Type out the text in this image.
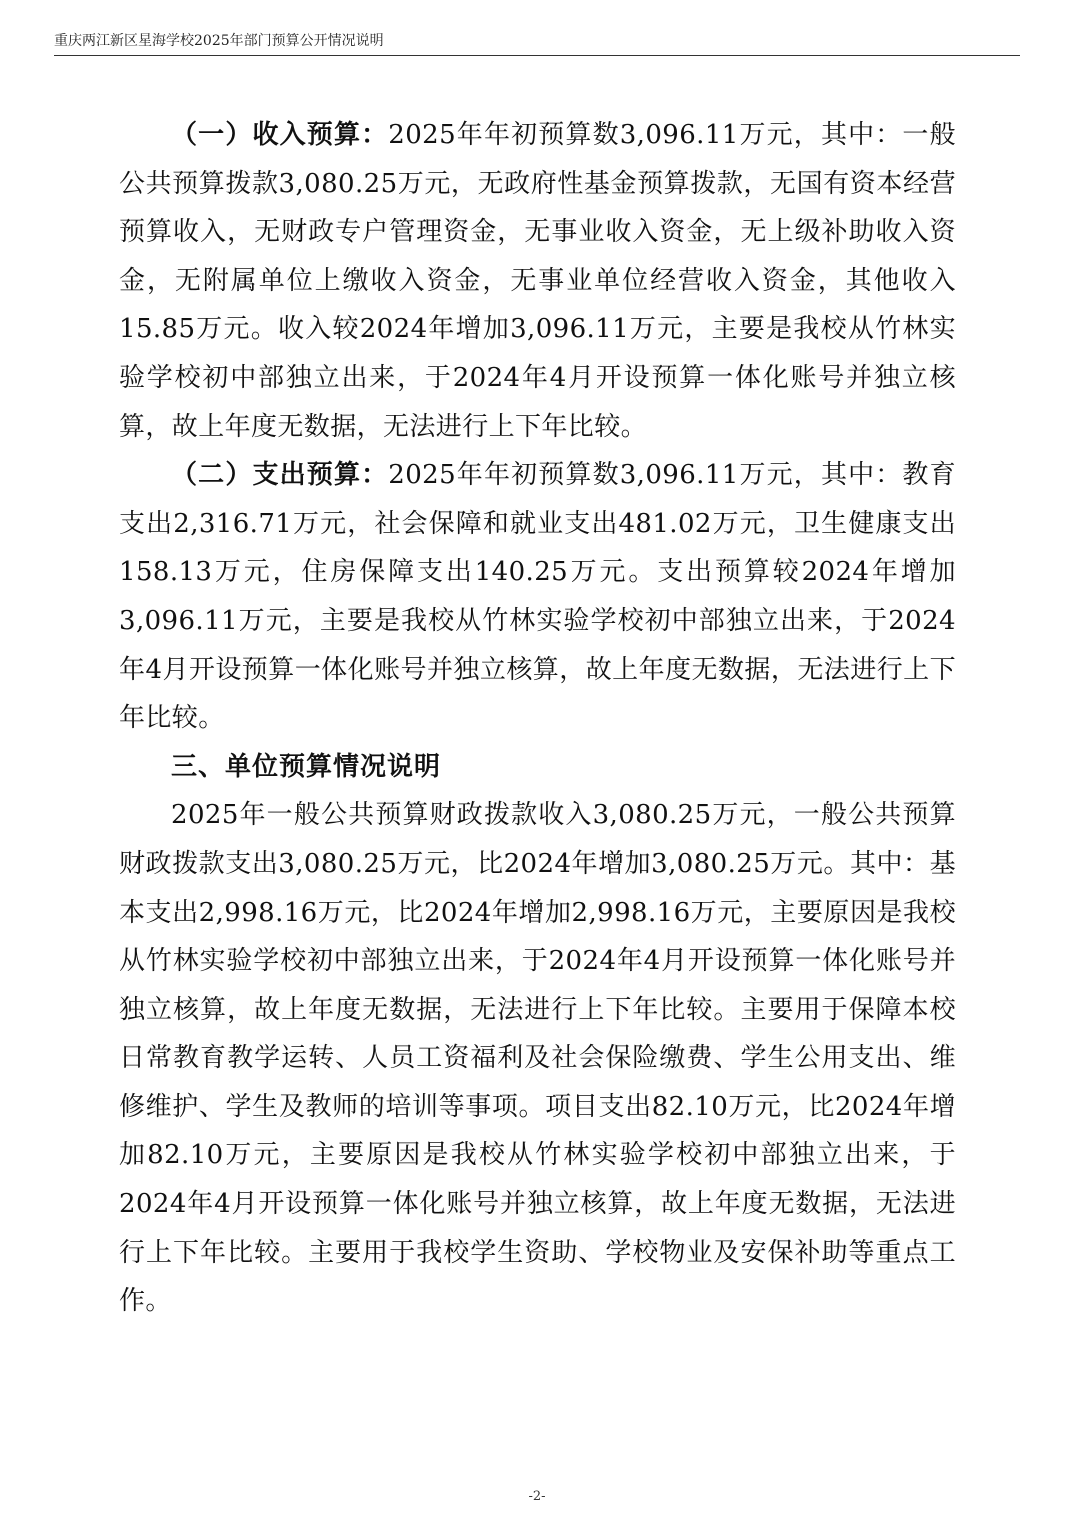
重庆两江新区星海学校2025年部门预算公开情况说明

（一）收入预算：2025年年初预算数3,096.11万元，其中：一般公共预算拨款3,080.25万元，无政府性基金预算拨款，无国有资本经营预算收入，无财政专户管理资金，无事业收入资金，无上级补助收入资金，无附属单位上缴收入资金，无事业单位经营收入资金，其他收入15.85万元。收入较2024年增加3,096.11万元，主要是我校从竹林实验学校初中部独立出来，于2024年4月开设预算一体化账号并独立核算，故上年度无数据，无法进行上下年比较。

（二）支出预算：2025年年初预算数3,096.11万元，其中：教育支出2,316.71万元，社会保障和就业支出481.02万元，卫生健康支出158.13万元，住房保障支出140.25万元。支出预算较2024年增加3,096.11万元，主要是我校从竹林实验学校初中部独立出来，于2024年4月开设预算一体化账号并独立核算，故上年度无数据，无法进行上下年比较。

三、单位预算情况说明

2025年一般公共预算财政拨款收入3,080.25万元，一般公共预算财政拨款支出3,080.25万元，比2024年增加3,080.25万元。其中：基本支出2,998.16万元，比2024年增加2,998.16万元，主要原因是我校从竹林实验学校初中部独立出来，于2024年4月开设预算一体化账号并独立核算，故上年度无数据，无法进行上下年比较。主要用于保障本校日常教育教学运转、人员工资福利及社会保险缴费、学生公用支出、维修维护、学生及教师的培训等事项。项目支出82.10万元，比2024年增加82.10万元，主要原因是我校从竹林实验学校初中部独立出来，于2024年4月开设预算一体化账号并独立核算，故上年度无数据，无法进行上下年比较。主要用于我校学生资助、学校物业及安保补助等重点工作。

-2-
